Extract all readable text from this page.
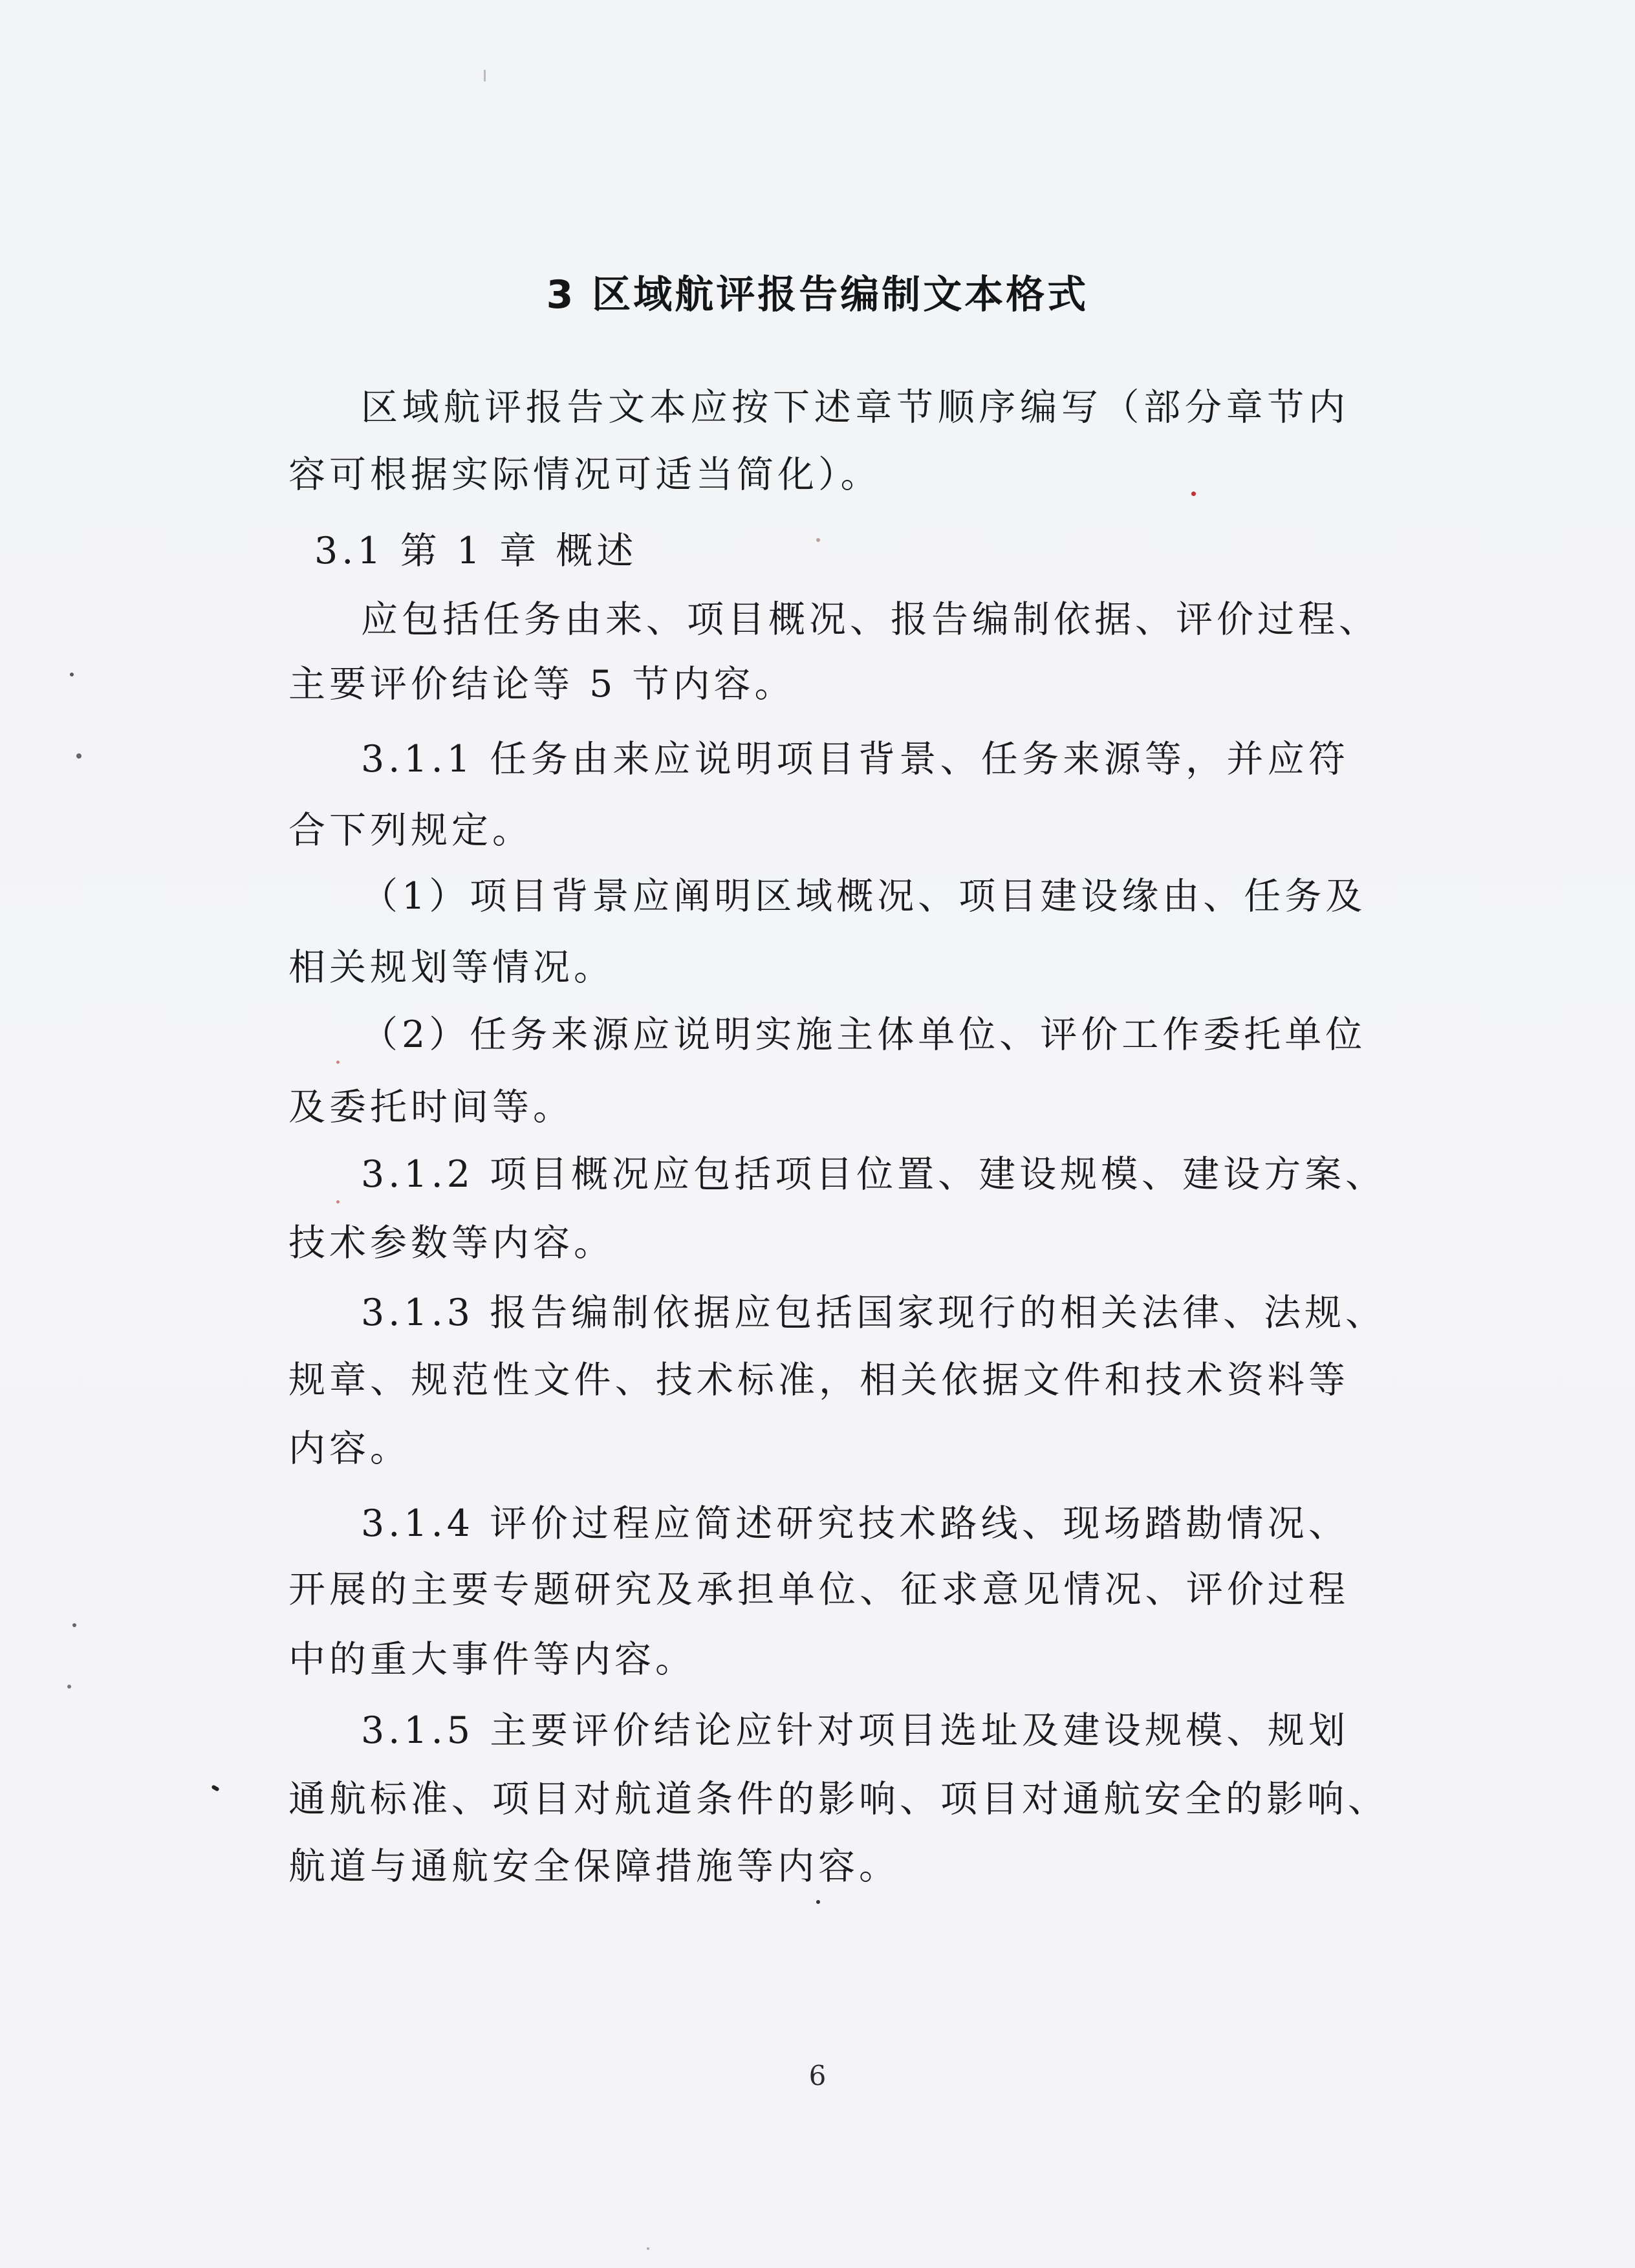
3 区域航评报告编制文本格式
区域航评报告文本应按下述章节顺序编写（部分章节内
容可根据实际情况可适当简化）。
3.1 第 1 章 概述
应包括任务由来、项目概况、报告编制依据、评价过程、
主要评价结论等 5 节内容。
3.1.1 任务由来应说明项目背景、任务来源等，并应符
合下列规定。
（1）项目背景应阐明区域概况、项目建设缘由、任务及
相关规划等情况。
（2）任务来源应说明实施主体单位、评价工作委托单位
及委托时间等。
3.1.2 项目概况应包括项目位置、建设规模、建设方案、
技术参数等内容。
3.1.3 报告编制依据应包括国家现行的相关法律、法规、
规章、规范性文件、技术标准，相关依据文件和技术资料等
内容。
3.1.4 评价过程应简述研究技术路线、现场踏勘情况、
开展的主要专题研究及承担单位、征求意见情况、评价过程
中的重大事件等内容。
3.1.5 主要评价结论应针对项目选址及建设规模、规划
通航标准、项目对航道条件的影响、项目对通航安全的影响、
航道与通航安全保障措施等内容。
6
